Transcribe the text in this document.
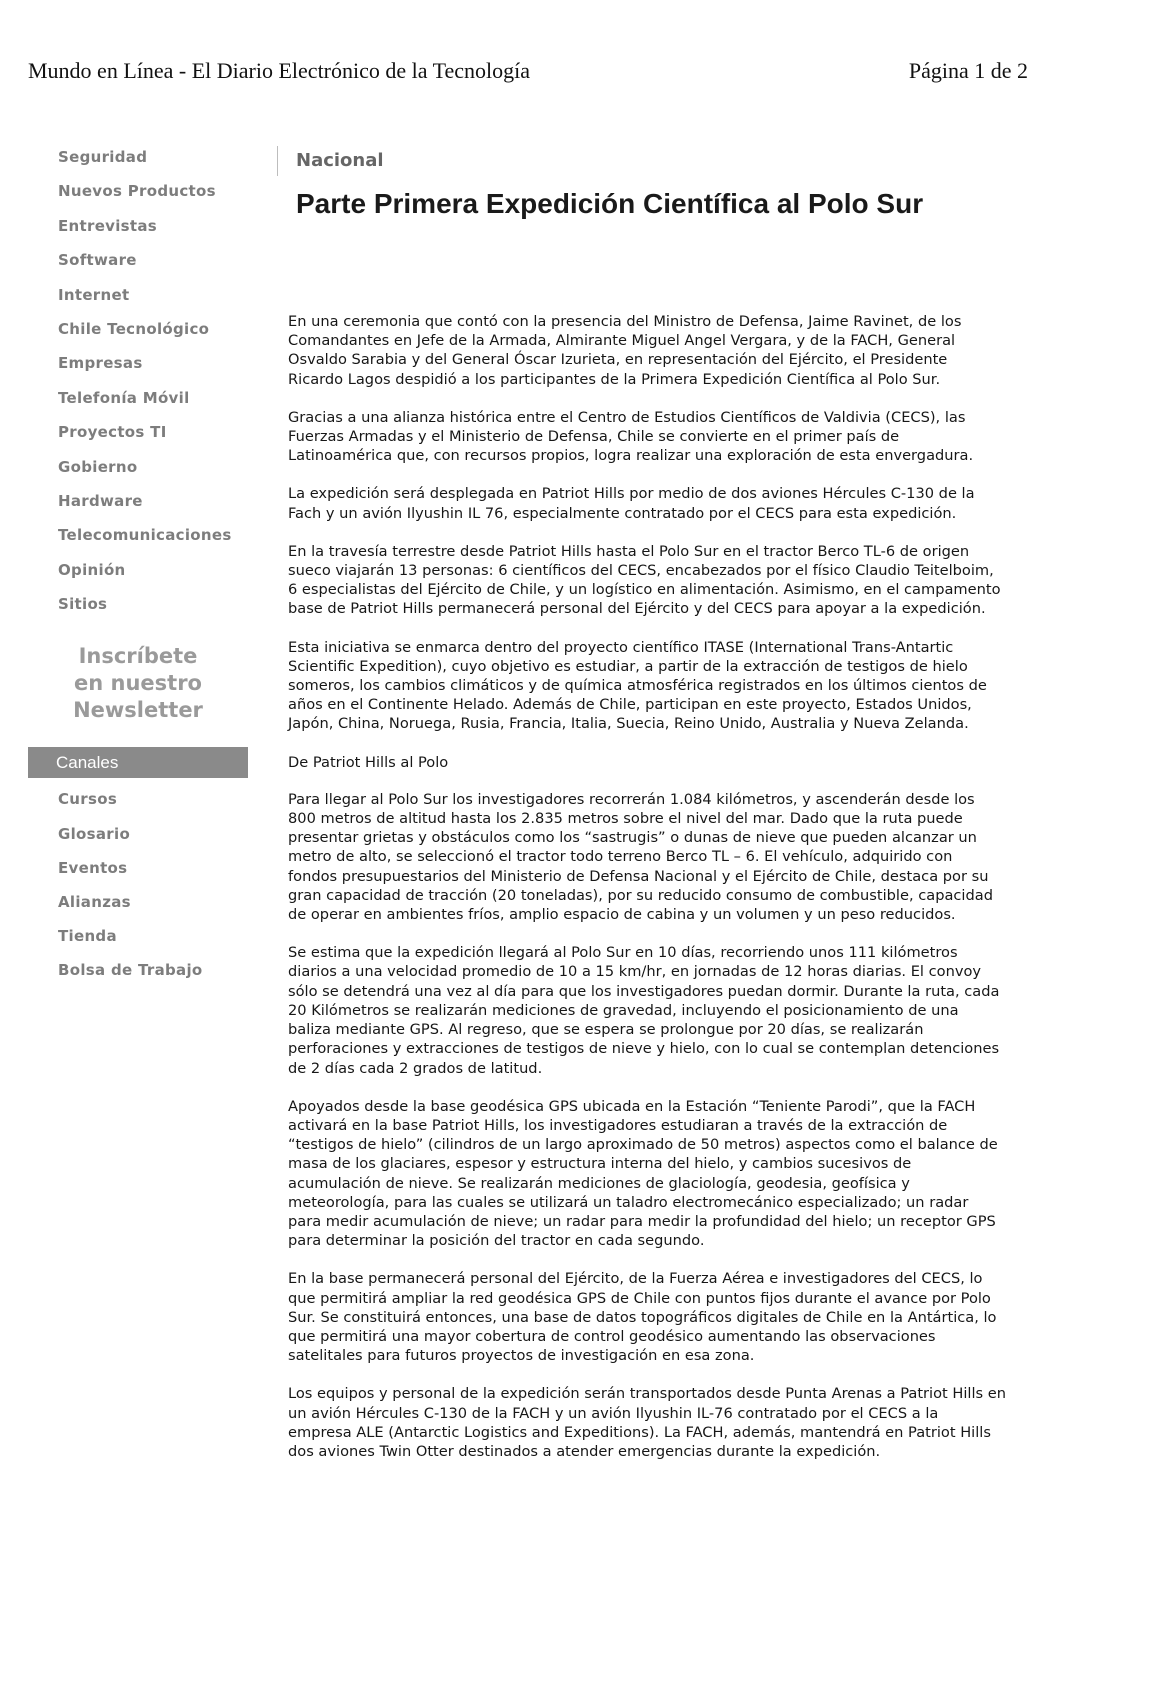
Mundo en Línea - El Diario Electrónico de la Tecnología	Página 1 de 2
Seguridad
Nuevos Productos
Entrevistas
Software
Internet
Chile Tecnológico
Empresas
Telefonía Móvil
Proyectos TI
Gobierno
Hardware
Telecomunicaciones
Opinión
Sitios
Inscríbete
en nuestro
Newsletter
Canales
Cursos
Glosario
Eventos
Alianzas
Tienda
Bolsa de Trabajo
Nacional
Parte Primera Expedición Científica al Polo Sur

En una ceremonia que contó con la presencia del Ministro de Defensa, Jaime Ravinet, de los Comandantes en Jefe de la Armada, Almirante Miguel Angel Vergara, y de la FACH, General Osvaldo Sarabia y del General Óscar Izurieta, en representación del Ejército, el Presidente Ricardo Lagos despidió a los participantes de la Primera Expedición Científica al Polo Sur.

Gracias a una alianza histórica entre el Centro de Estudios Científicos de Valdivia (CECS), las Fuerzas Armadas y el Ministerio de Defensa, Chile se convierte en el primer país de Latinoamérica que, con recursos propios, logra realizar una exploración de esta envergadura.

La expedición será desplegada en Patriot Hills por medio de dos aviones Hércules C-130 de la Fach y un avión Ilyushin IL 76, especialmente contratado por el CECS para esta expedición.

En la travesía terrestre desde Patriot Hills hasta el Polo Sur en el tractor Berco TL-6 de origen sueco viajarán 13 personas: 6 científicos del CECS, encabezados por el físico Claudio Teitelboim, 6 especialistas del Ejército de Chile, y un logístico en alimentación. Asimismo, en el campamento base de Patriot Hills permanecerá personal del Ejército y del CECS para apoyar a la expedición.

Esta iniciativa se enmarca dentro del proyecto científico ITASE (International Trans-Antartic Scientific Expedition), cuyo objetivo es estudiar, a partir de la extracción de testigos de hielo someros, los cambios climáticos y de química atmosférica registrados en los últimos cientos de años en el Continente Helado. Además de Chile, participan en este proyecto, Estados Unidos, Japón, China, Noruega, Rusia, Francia, Italia, Suecia, Reino Unido, Australia y Nueva Zelanda.

De Patriot Hills al Polo

Para llegar al Polo Sur los investigadores recorrerán 1.084 kilómetros, y ascenderán desde los 800 metros de altitud hasta los 2.835 metros sobre el nivel del mar. Dado que la ruta puede presentar grietas y obstáculos como los “sastrugis” o dunas de nieve que pueden alcanzar un metro de alto, se seleccionó el tractor todo terreno Berco TL – 6. El vehículo, adquirido con fondos presupuestarios del Ministerio de Defensa Nacional y el Ejército de Chile, destaca por su gran capacidad de tracción (20 toneladas), por su reducido consumo de combustible, capacidad de operar en ambientes fríos, amplio espacio de cabina y un volumen y un peso reducidos.

Se estima que la expedición llegará al Polo Sur en 10 días, recorriendo unos 111 kilómetros diarios a una velocidad promedio de 10 a 15 km/hr, en jornadas de 12 horas diarias. El convoy sólo se detendrá una vez al día para que los investigadores puedan dormir. Durante la ruta, cada 20 Kilómetros se realizarán mediciones de gravedad, incluyendo el posicionamiento de una baliza mediante GPS. Al regreso, que se espera se prolongue por 20 días, se realizarán perforaciones y extracciones de testigos de nieve y hielo, con lo cual se contemplan detenciones de 2 días cada 2 grados de latitud.

Apoyados desde la base geodésica GPS ubicada en la Estación “Teniente Parodi”, que la FACH activará en la base Patriot Hills, los investigadores estudiaran a través de la extracción de “testigos de hielo” (cilindros de un largo aproximado de 50 metros) aspectos como el balance de masa de los glaciares, espesor y estructura interna del hielo, y cambios sucesivos de acumulación de nieve. Se realizarán mediciones de glaciología, geodesia, geofísica y meteorología, para las cuales se utilizará un taladro electromecánico especializado; un radar para medir acumulación de nieve; un radar para medir la profundidad del hielo; un receptor GPS para determinar la posición del tractor en cada segundo.

En la base permanecerá personal del Ejército, de la Fuerza Aérea e investigadores del CECS, lo que permitirá ampliar la red geodésica GPS de Chile con puntos fijos durante el avance por Polo Sur. Se constituirá entonces, una base de datos topográficos digitales de Chile en la Antártica, lo que permitirá una mayor cobertura de control geodésico aumentando las observaciones satelitales para futuros proyectos de investigación en esa zona.

Los equipos y personal de la expedición serán transportados desde Punta Arenas a Patriot Hills en un avión Hércules C-130 de la FACH y un avión Ilyushin IL-76 contratado por el CECS a la empresa ALE (Antarctic Logistics and Expeditions). La FACH, además, mantendrá en Patriot Hills dos aviones Twin Otter destinados a atender emergencias durante la expedición.
